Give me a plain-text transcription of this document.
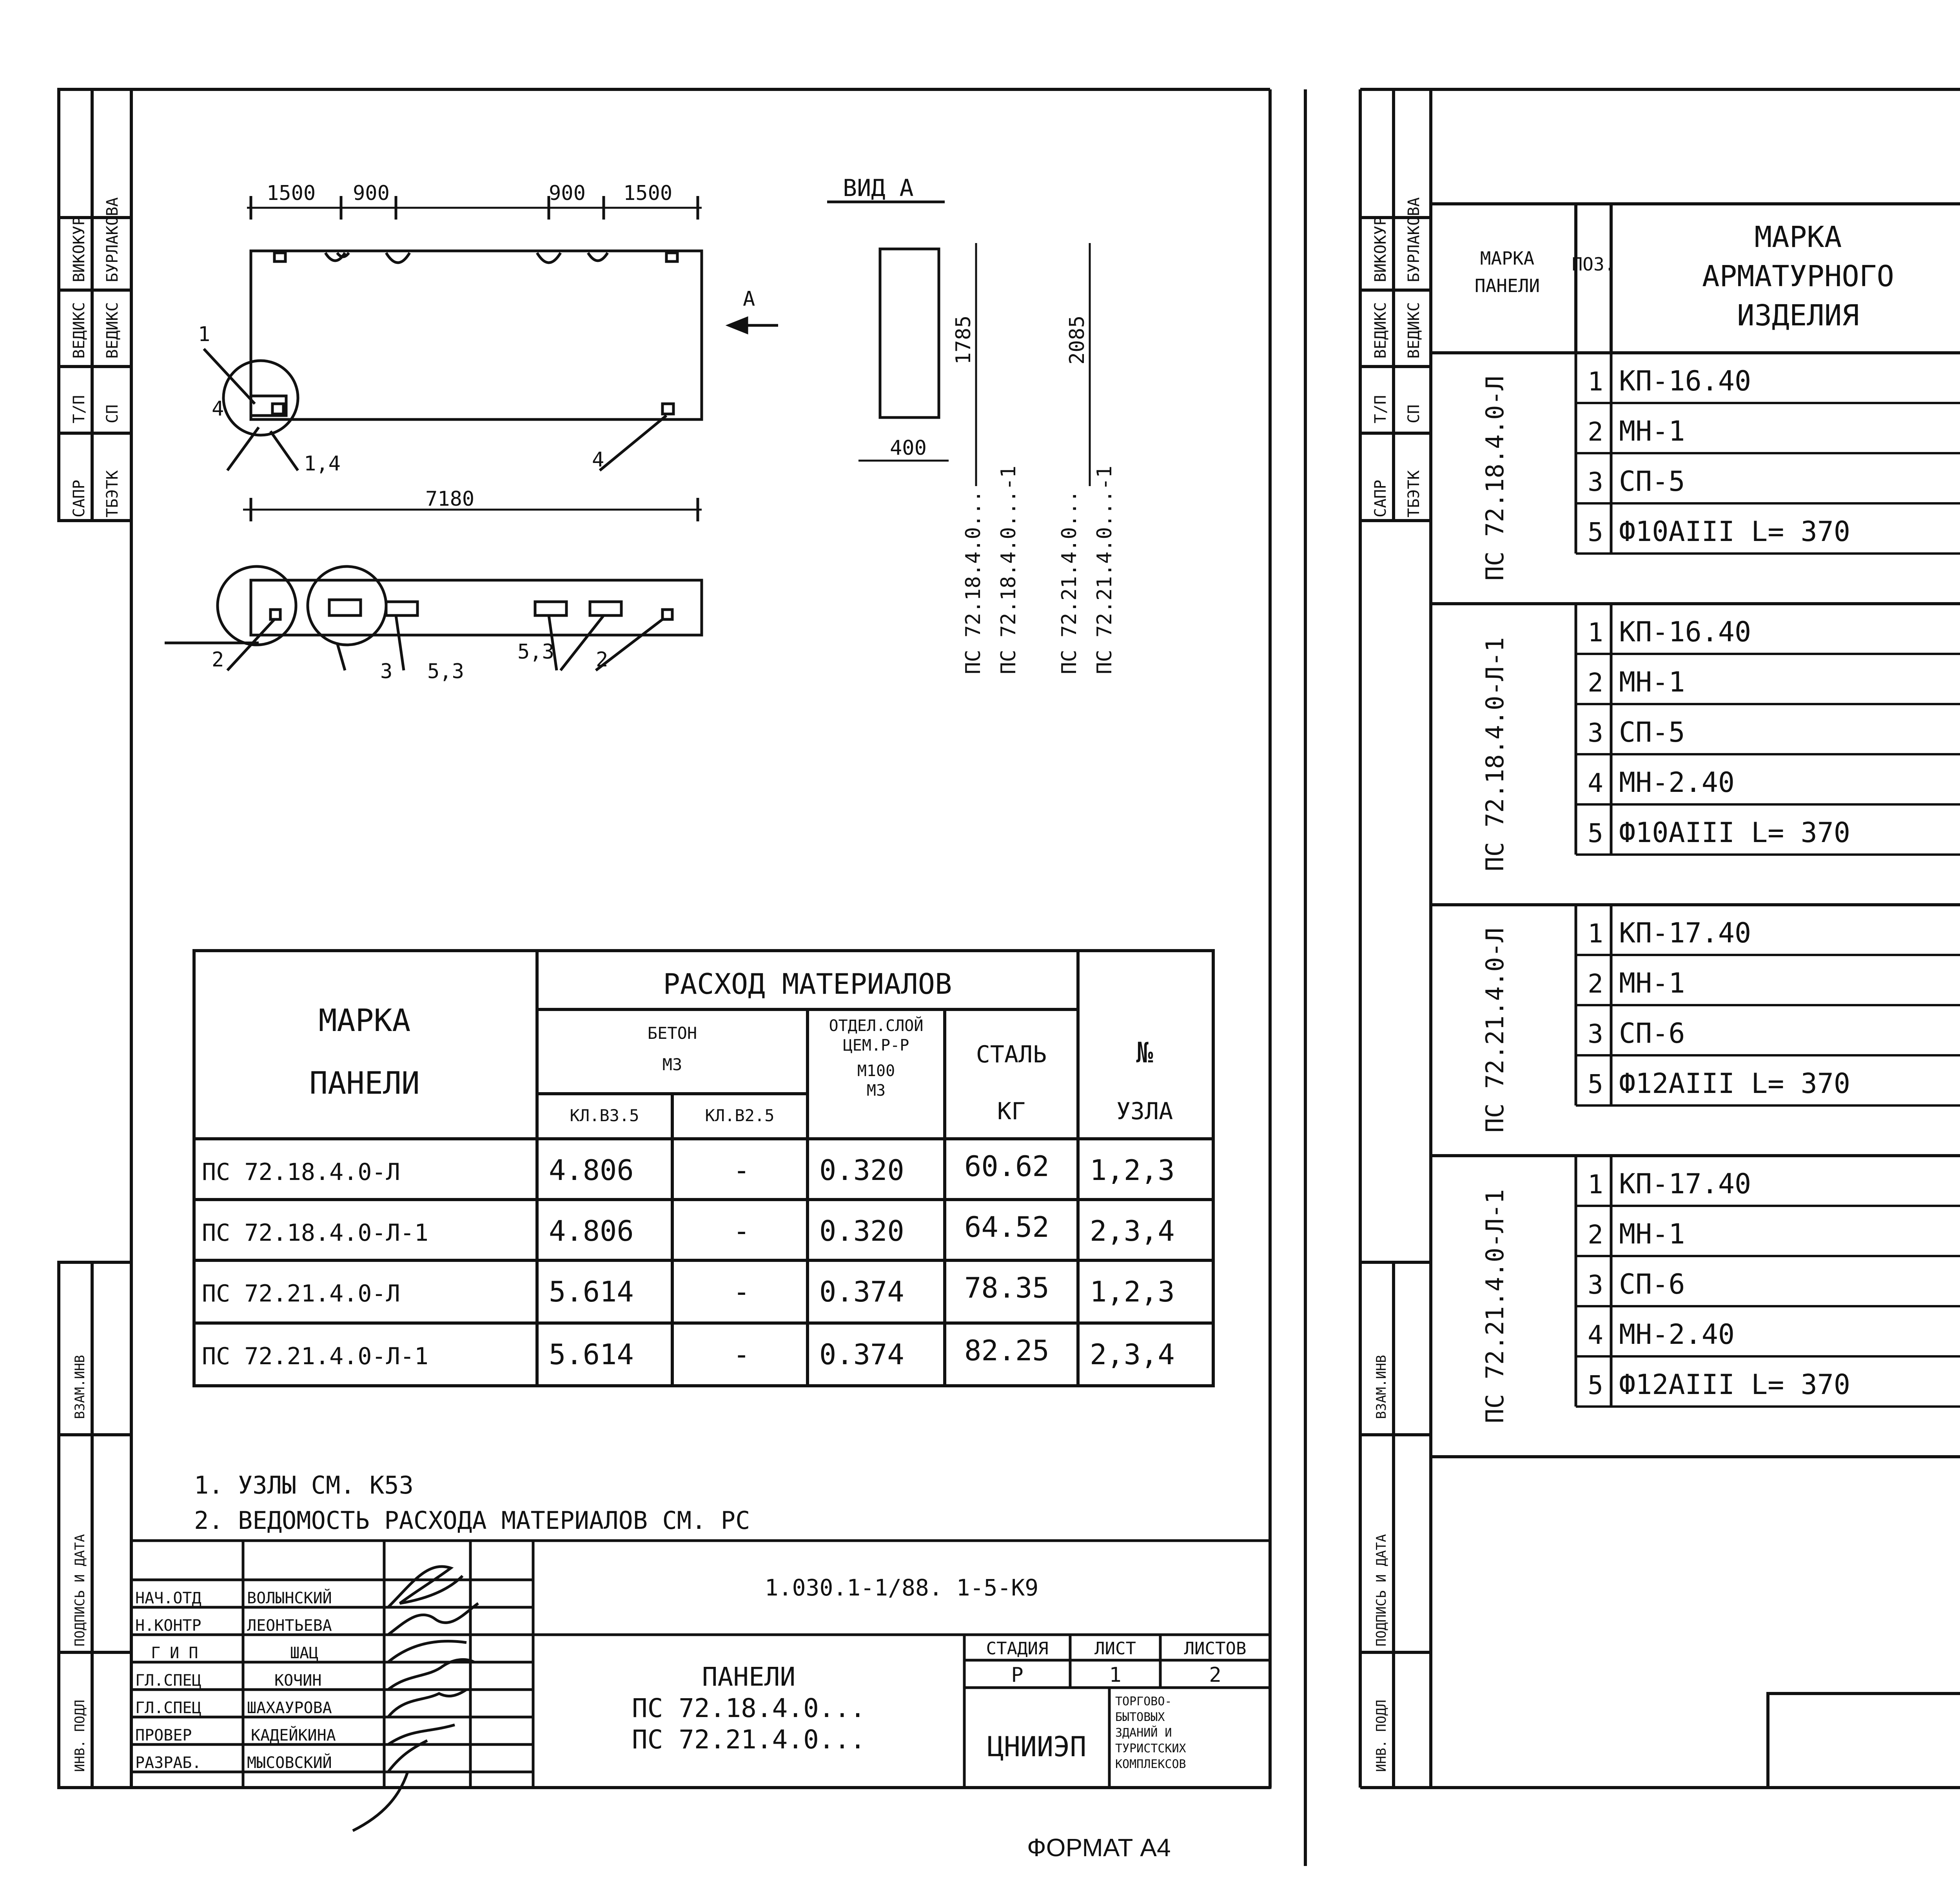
САПР ТБЭТК
Т/П СП
ВЕДИКС ВЕДИКС
ВИКОКУР БУРЛАКОВА
ВЗАМ.ИНВ
ПОДПИСЬ И ДАТА
ИНВ. ПОДЛ
1500 900	900 1500
7180
ВИД А
А
400
1
4
1,4	4
2	3 5,3
5,3 2
1785	2085
ПС 72.18.4.0... ПС 72.18.4.0...-1 ПС 72.21.4.0... ПС 72.21.4.0...-1
МАРКА
ПАНЕЛИ
РАСХОД МАТЕРИАЛОВ
БЕТОН
М3
КЛ.В3.5	КЛ.В2.5
ОТДЕЛ.СЛОЙ
ЦЕМ.Р-Р
М100
М3
СТАЛЬ
КГ
№
УЗЛА
ПС 72.18.4.0-Л	4.806	- 0.320 60.62 1,2,3
ПС 72.18.4.0-Л-1	4.806	- 0.320 64.52 2,3,4
ПС 72.21.4.0-Л	5.614	- 0.374 78.35 1,2,3
ПС 72.21.4.0-Л-1	5.614	- 0.374 82.25 2,3,4
1. УЗЛЫ СМ. К53
2. ВЕДОМОСТЬ РАСХОДА МАТЕРИАЛОВ СМ. РС
НАЧ.ОТД	ВОЛЫНСКИЙ
Н.КОНТР	ЛЕОНТЬЕВА
Г И П	ШАЦ
ГЛ.СПЕЦ	КОЧИН
ГЛ.СПЕЦ	ШАХАУРОВА
ПРОВЕР	КАДЕЙКИНА
РАЗРАБ.	МЫСОВСКИЙ
1.030.1-1/88. 1-5-К9
ПАНЕЛИ
ПС 72.18.4.0...
ПС 72.21.4.0...
СТАДИЯ	ЛИСТ	ЛИСТОВ
Р	1	2
ЦНИИЭП
ТОРГОВО-
БЫТОВЫХ
ЗДАНИЙ И
ТУРИСТСКИХ
КОМПЛЕКСОВ
ФОРМАТ А4
САПР ТБЭТК
Т/П СП
ВЕДИКС ВЕДИКС
ВИКОКУР БУРЛАКОВА
ВЗАМ.ИНВ
ПОДПИСЬ И ДАТА
ИНВ. ПОДЛ
МАРКА
ПАНЕЛИ
ПОЗ.
МАРКА
АРМАТУРНОГО
ИЗДЕЛИЯ
1 КП-16.40
2 МН-1
3 СП-5
5 Ф10АIII L= 370
ПС 72.18.4.0-Л
1 КП-16.40
2 МН-1
3 СП-5
4 МН-2.40
5 Ф10АIII L= 370
ПС 72.18.4.0-Л-1
1 КП-17.40
2 МН-1
3 СП-6
5 Ф12АIII L= 370
ПС 72.21.4.0-Л
1 КП-17.40
2 МН-1
3 СП-6
4 МН-2.40
5 Ф12АIII L= 370
ПС 72.21.4.0-Л-1
